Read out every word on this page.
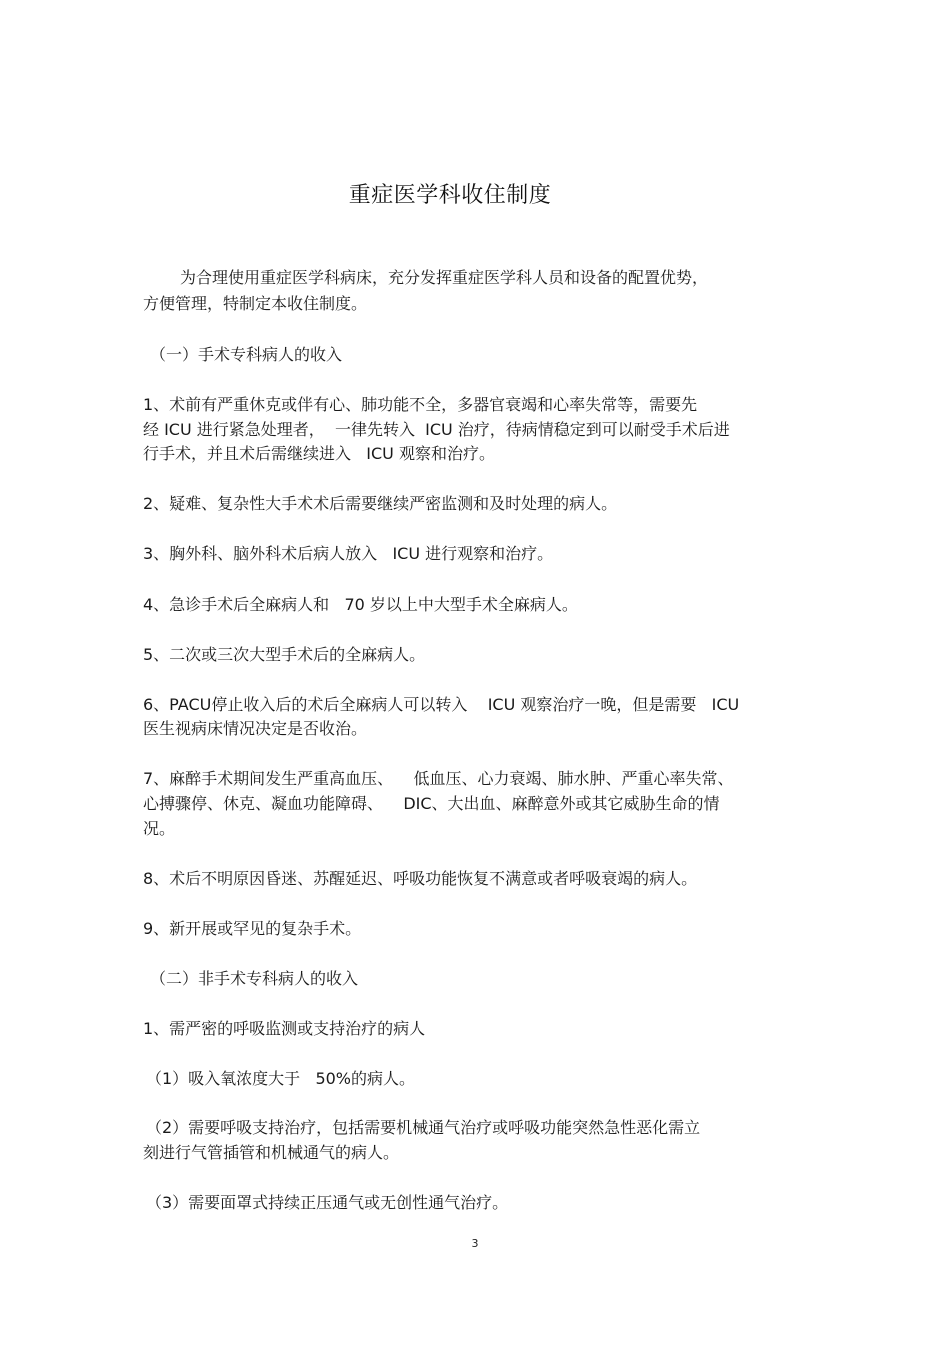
重症医学科收住制度
为合理使用重症医学科病床，充分发挥重症医学科人员和设备的配置优势，
方便管理，特制定本收住制度。
（一）手术专科病人的收入
1、术前有严重休克或伴有心、肺功能不全，多器官衰竭和心率失常等，需要先
经 ICU 进行紧急处理者，  一律先转入  ICU 治疗，待病情稳定到可以耐受手术后进
行手术，并且术后需继续进入   ICU 观察和治疗。
2、疑难、复杂性大手术术后需要继续严密监测和及时处理的病人。
3、胸外科、脑外科术后病人放入   ICU 进行观察和治疗。
4、急诊手术后全麻病人和   70 岁以上中大型手术全麻病人。
5、二次或三次大型手术后的全麻病人。
6、PACU停止收入后的术后全麻病人可以转入    ICU 观察治疗一晚，但是需要   ICU
医生视病床情况决定是否收治。
7、麻醉手术期间发生严重高血压、    低血压、心力衰竭、肺水肿、严重心率失常、
心搏骤停、休克、凝血功能障碍、    DIC、大出血、麻醉意外或其它威胁生命的情
况。
8、术后不明原因昏迷、苏醒延迟、呼吸功能恢复不满意或者呼吸衰竭的病人。
9、新开展或罕见的复杂手术。
（二）非手术专科病人的收入
1、需严密的呼吸监测或支持治疗的病人
（1）吸入氧浓度大于   50%的病人。
（2）需要呼吸支持治疗，包括需要机械通气治疗或呼吸功能突然急性恶化需立
刻进行气管插管和机械通气的病人。
（3）需要面罩式持续正压通气或无创性通气治疗。
3
